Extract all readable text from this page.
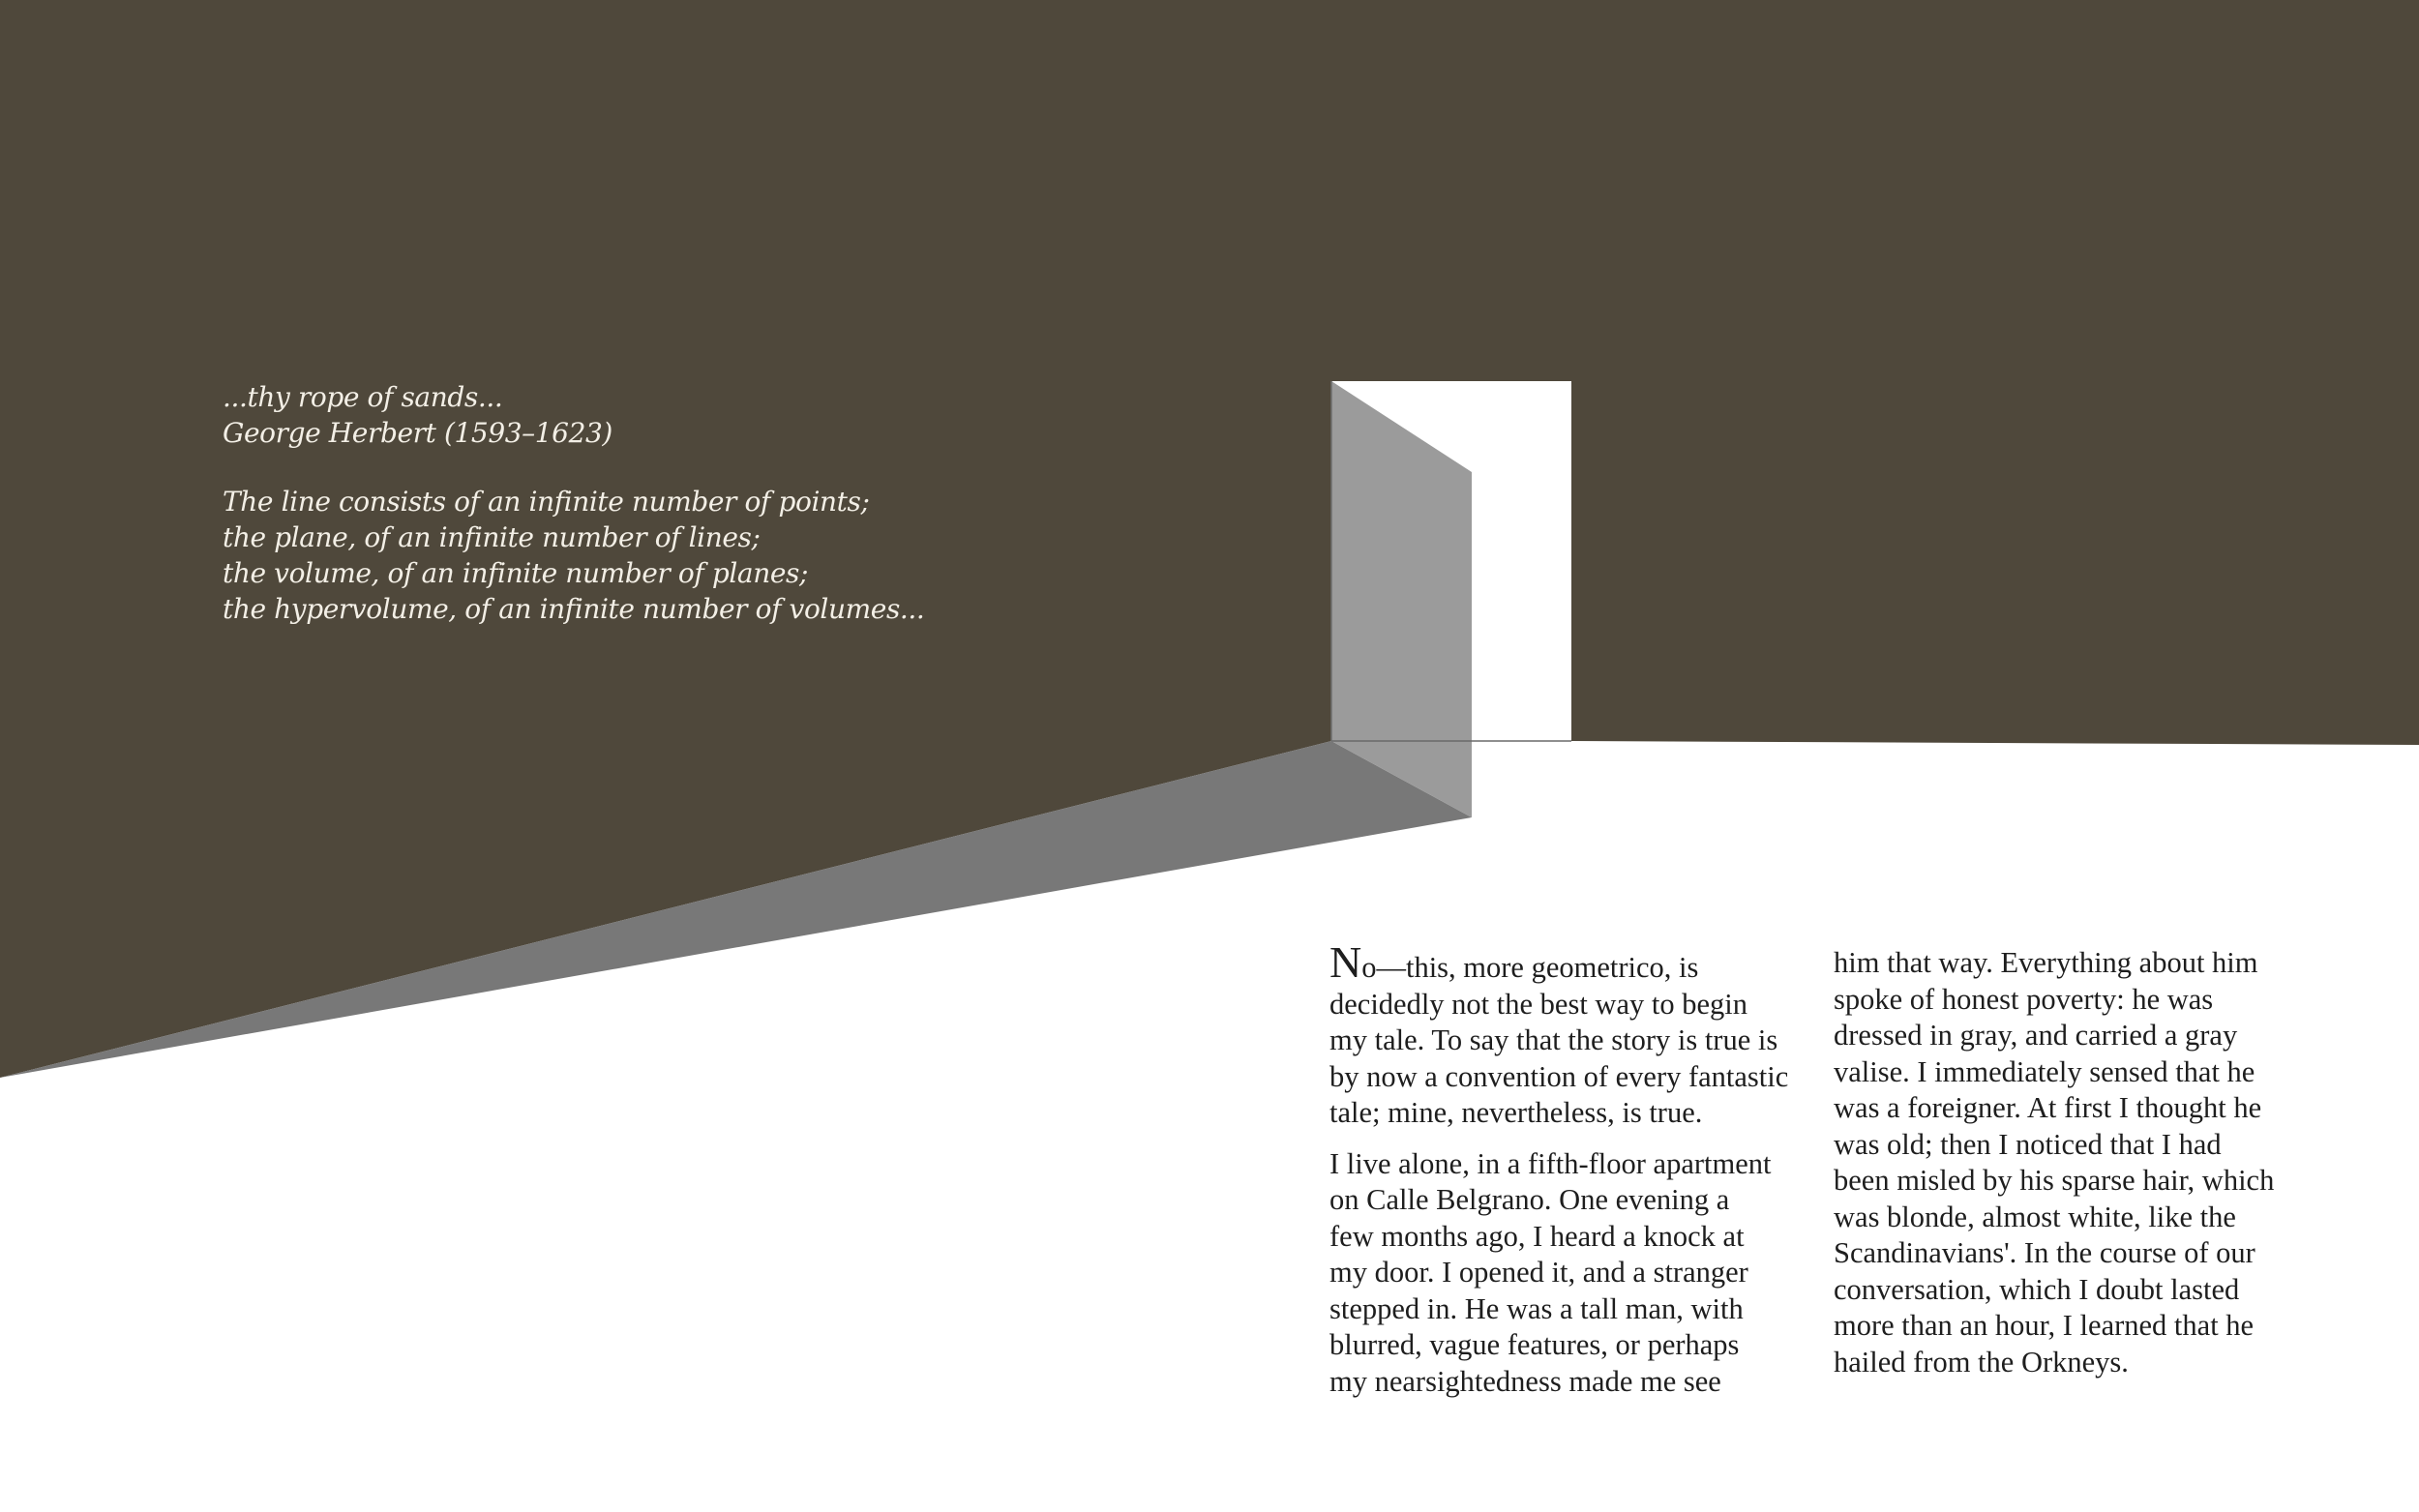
...thy rope of sands...

George Herbert (1593–1623)

The line consists of an infinite number of points;

the plane, of an infinite number of lines;

the volume, of an infinite number of planes;

the hypervolume, of an infinite number of volumes...

No—this, more geometrico, is
decidedly not the best way to begin
my tale. To say that the story is true is
by now a convention of every fantastic
tale; mine, nevertheless, is true.

I live alone, in a fifth-floor apartment
on Calle Belgrano. One evening a
few months ago, I heard a knock at
my door. I opened it, and a stranger
stepped in. He was a tall man, with
blurred, vague features, or perhaps
my nearsightedness made me see

him that way. Everything about him
spoke of honest poverty: he was
dressed in gray, and carried a gray
valise. I immediately sensed that he
was a foreigner. At first I thought he
was old; then I noticed that I had
been misled by his sparse hair, which
was blonde, almost white, like the
Scandinavians'. In the course of our
conversation, which I doubt lasted
more than an hour, I learned that he
hailed from the Orkneys.
